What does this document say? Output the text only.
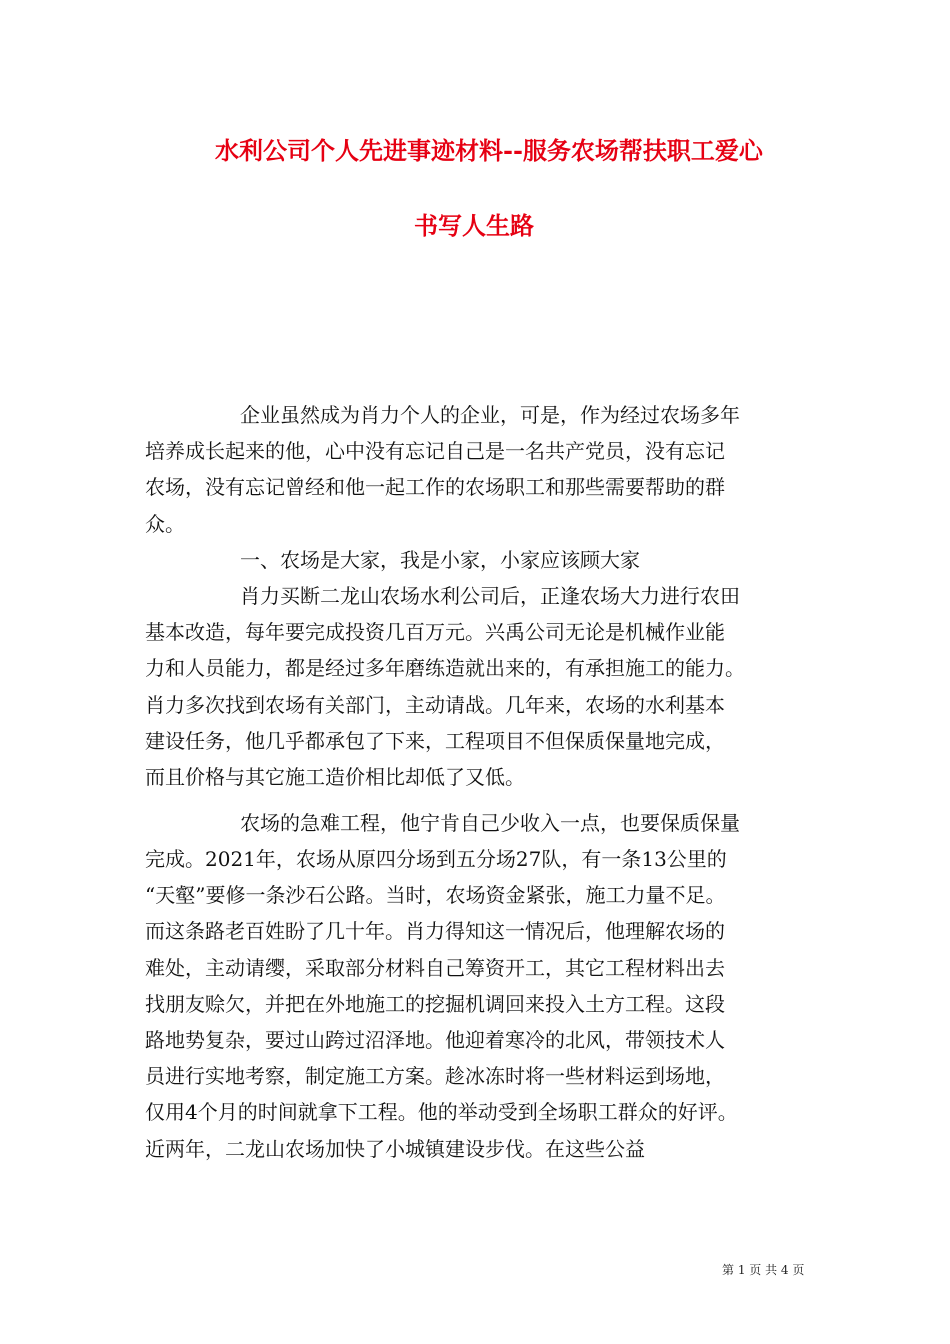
水利公司个人先进事迹材料--服务农场帮扶职工爱心
书写人生路
企业虽然成为肖力个人的企业，可是，作为经过农场多年
培养成长起来的他，心中没有忘记自己是一名共产党员，没有忘记
农场，没有忘记曾经和他一起工作的农场职工和那些需要帮助的群
众。
一、农场是大家，我是小家，小家应该顾大家
肖力买断二龙山农场水利公司后，正逢农场大力进行农田
基本改造，每年要完成投资几百万元。兴禹公司无论是机械作业能
力和人员能力，都是经过多年磨练造就出来的，有承担施工的能力。
肖力多次找到农场有关部门，主动请战。几年来，农场的水利基本
建设任务，他几乎都承包了下来，工程项目不但保质保量地完成，
而且价格与其它施工造价相比却低了又低。
农场的急难工程，他宁肯自己少收入一点，也要保质保量
完成。2021年，农场从原四分场到五分场27队，有一条13公里的
“天壑”要修一条沙石公路。当时，农场资金紧张，施工力量不足。
而这条路老百姓盼了几十年。肖力得知这一情况后，他理解农场的
难处，主动请缨，采取部分材料自己筹资开工，其它工程材料出去
找朋友赊欠，并把在外地施工的挖掘机调回来投入土方工程。这段
路地势复杂，要过山跨过沼泽地。他迎着寒冷的北风，带领技术人
员进行实地考察，制定施工方案。趁冰冻时将一些材料运到场地，
仅用4个月的时间就拿下工程。他的举动受到全场职工群众的好评。
近两年，二龙山农场加快了小城镇建设步伐。在这些公益
第 1 页 共 4 页
